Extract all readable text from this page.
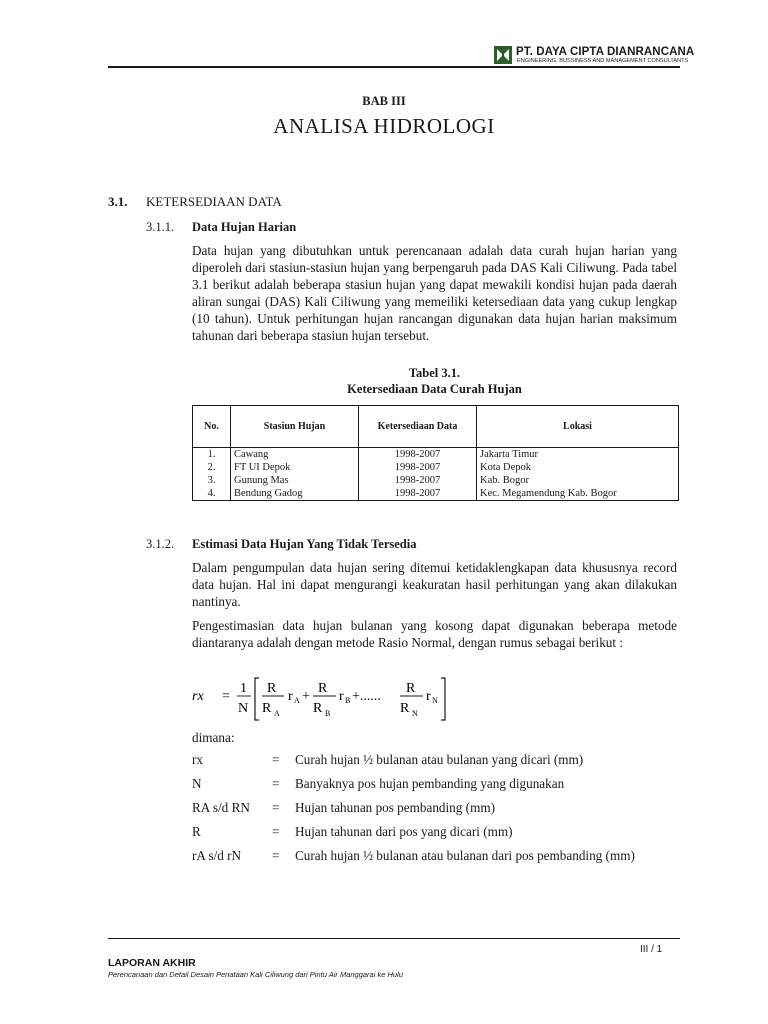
PT. DAYA CIPTA DIANRANCANA
ENGINEERING, BUSSINESS AND MANAGEMENT CONSULTANTS
BAB III
ANALISA HIDROLOGI
3.1. KETERSEDIAAN DATA
3.1.1. Data Hujan Harian
Data hujan yang dibutuhkan untuk perencanaan adalah data curah hujan harian yang diperoleh dari stasiun-stasiun hujan yang berpengaruh pada DAS Kali Ciliwung. Pada tabel 3.1 berikut adalah beberapa stasiun hujan yang dapat mewakili kondisi hujan pada daerah aliran sungai (DAS) Kali Ciliwung yang memeiliki ketersediaan data yang cukup lengkap (10 tahun). Untuk perhitungan hujan rancangan digunakan data hujan harian maksimum tahunan dari beberapa stasiun hujan tersebut.
Tabel 3.1.
Ketersediaan Data Curah Hujan
No.	Stasiun Hujan	Ketersediaan Data	Lokasi
1.	Cawang	1998-2007	Jakarta Timur
2.	FT UI Depok	1998-2007	Kota Depok
3.	Gunung Mas	1998-2007	Kab. Bogor
4.	Bendung Gadog	1998-2007	Kec. Megamendung Kab. Bogor
3.1.2. Estimasi Data Hujan Yang Tidak Tersedia
Dalam pengumpulan data hujan sering ditemui ketidaklengkapan data khususnya record data hujan. Hal ini dapat mengurangi keakuratan hasil perhitungan yang akan dilakukan nantinya.
Pengestimasian data hujan bulanan yang kosong dapat digunakan beberapa metode diantaranya adalah dengan metode Rasio Normal, dengan rumus sebagai berikut :
rx =
1
N
R
R A
r A +
R
R B
r B +......
R
R N
r N
dimana:
rx	= Curah hujan ½ bulanan atau bulanan yang dicari (mm)
N	= Banyaknya pos hujan pembanding yang digunakan
RA s/d RN = Hujan tahunan pos pembanding (mm)
R	= Hujan tahunan dari pos yang dicari (mm)
rA s/d rN = Curah hujan ½ bulanan atau bulanan dari pos pembanding (mm)
III / 1
LAPORAN AKHIR
Perencanaan dan Detail Desain Penataan Kali Ciliwung dari Pintu Air Manggarai ke Hulu
